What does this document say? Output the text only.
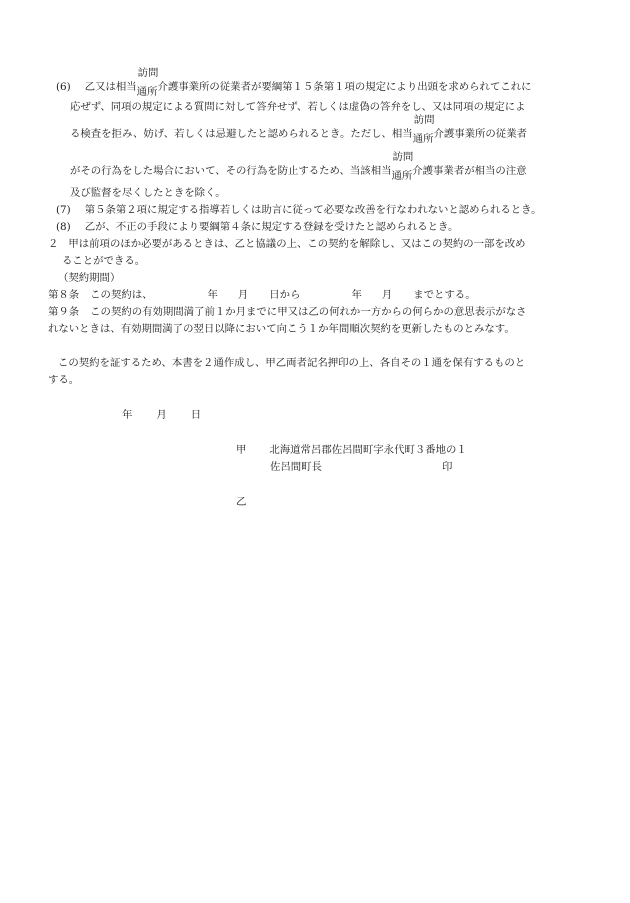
(6) 乙又は相当
訪問
通所介護事業所の従業者が要綱第１５条第１項の規定により出頭を求められてこれに
応ぜず、同項の規定による質問に対して答弁せず、若しくは虚偽の答弁をし、又は同項の規定によ
る検査を拒み、妨げ、若しくは忌避したと認められるとき。ただし、相当
訪問
通所介護事業所の従業者
がその行為をした場合において、その行為を防止するため、当該相当
訪問
通所介護事業者が相当の注意
及び監督を尽くしたときを除く。
(7) 第５条第２項に規定する指導若しくは助言に従って必要な改善を行なわれないと認められるとき。
(8) 乙が、不正の手段により要綱第４条に規定する登録を受けたと認められるとき。
２ 甲は前項のほか必要があるときは、乙と協議の上、この契約を解除し、又はこの契約の一部を改め
ることができる。
（契約期間）
第８条 この契約は、	年 月 日から	年 月 までとする。
第９条 この契約の有効期間満了前１か月までに甲又は乙の何れか一方からの何らかの意思表示がなさ
れないときは、有効期間満了の翌日以降において向こう１か年間順次契約を更新したものとみなす。
この契約を証するため、本書を２通作成し、甲乙両者記名押印の上、各自その１通を保有するものと
する。
年 月 日
甲 北海道常呂郡佐呂間町字永代町３番地の１
佐呂間町長	印
乙
